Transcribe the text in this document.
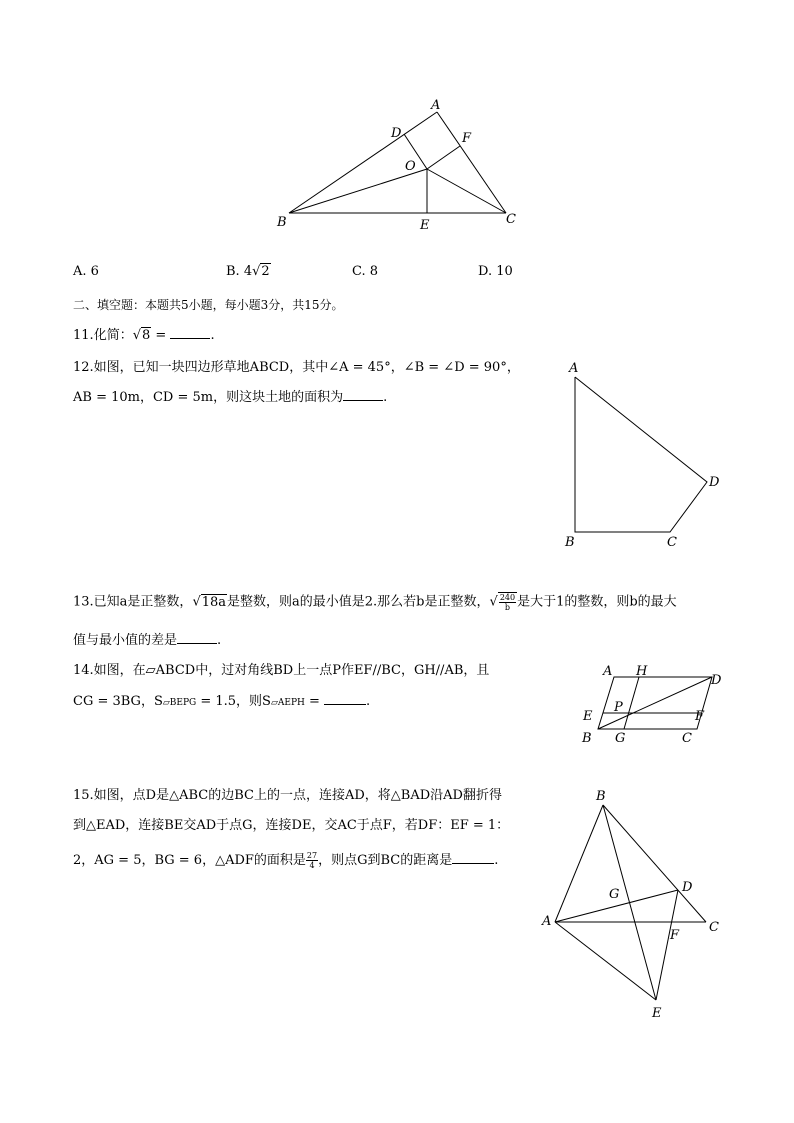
A
D	F
O
B	E	C
A. 6	B. 4√2	C. 8	D. 10
二、填空题：本题共5小题，每小题3分，共15分。
11.化简：√8 =	.
12.如图，已知一块四边形草地ABCD，其中∠A = 45°，∠B = ∠D = 90°，
AB = 10m，CD = 5m，则这块土地的面积为	.
A
B	C
D
13.已知a是正整数，√18a是整数，则a的最小值是2.那么若b是正整数，√ $\frac{240}{b}$ 是大于1的整数，则b的最大
值与最小值的差是	.
14.如图，在▱ABCD中，过对角线BD上一点P作EF//BC，GH//AB，且
CG = 3BG，S▱BEPG = 1.5，则S▱AEPH =	.
A H
D
E
P
F
B G	C
15.如图，点D是△ABC的边BC上的一点，连接AD，将△BAD沿AD翻折得
到△EAD，连接BE交AD于点G，连接DE，交AC于点F，若DF：EF = 1：
2，AG = 5，BG = 6，△ADF的面积是 $\frac{27}{4}$ ，则点G到BC的距离是	.
B
G	D
A	C
F
E
